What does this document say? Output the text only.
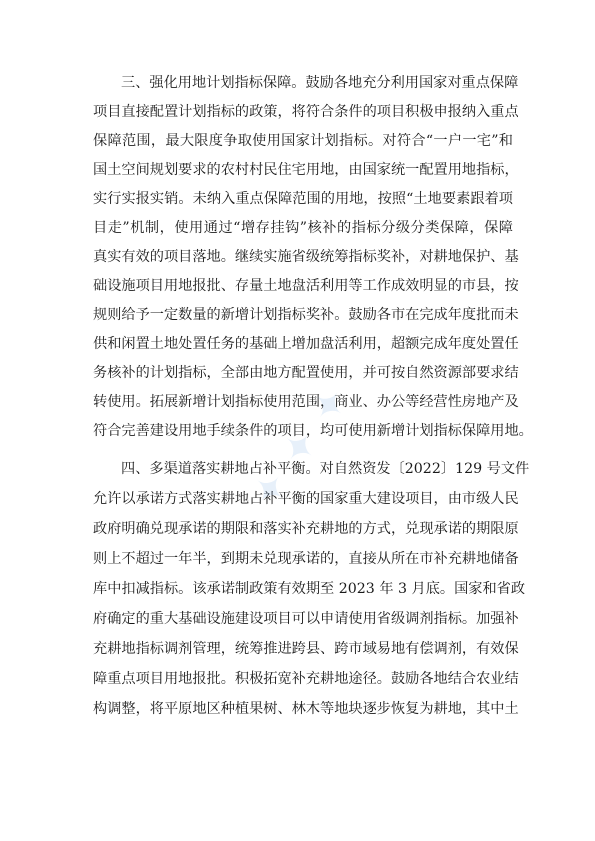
三、强化用地计划指标保障。鼓励各地充分利用国家对重点保障
项目直接配置计划指标的政策，将符合条件的项目积极申报纳入重点
保障范围，最大限度争取使用国家计划指标。对符合“一户一宅”和
国土空间规划要求的农村村民住宅用地，由国家统一配置用地指标，
实行实报实销。未纳入重点保障范围的用地，按照“土地要素跟着项
目走”机制，使用通过“增存挂钩”核补的指标分级分类保障，保障
真实有效的项目落地。继续实施省级统筹指标奖补，对耕地保护、基
础设施项目用地报批、存量土地盘活利用等工作成效明显的市县，按
规则给予一定数量的新增计划指标奖补。鼓励各市在完成年度批而未
供和闲置土地处置任务的基础上增加盘活利用，超额完成年度处置任
务核补的计划指标，全部由地方配置使用，并可按自然资源部要求结
转使用。拓展新增计划指标使用范围，商业、办公等经营性房地产及
符合完善建设用地手续条件的项目，均可使用新增计划指标保障用地。
四、多渠道落实耕地占补平衡。对自然资发〔2022〕129 号文件
允许以承诺方式落实耕地占补平衡的国家重大建设项目，由市级人民
政府明确兑现承诺的期限和落实补充耕地的方式，兑现承诺的期限原
则上不超过一年半，到期未兑现承诺的，直接从所在市补充耕地储备
库中扣减指标。该承诺制政策有效期至 2023 年 3 月底。国家和省政
府确定的重大基础设施建设项目可以申请使用省级调剂指标。加强补
充耕地指标调剂管理，统筹推进跨县、跨市域易地有偿调剂，有效保
障重点项目用地报批。积极拓宽补充耕地途径。鼓励各地结合农业结
构调整，将平原地区种植果树、林木等地块逐步恢复为耕地，其中土
✦ ✦ ✦
